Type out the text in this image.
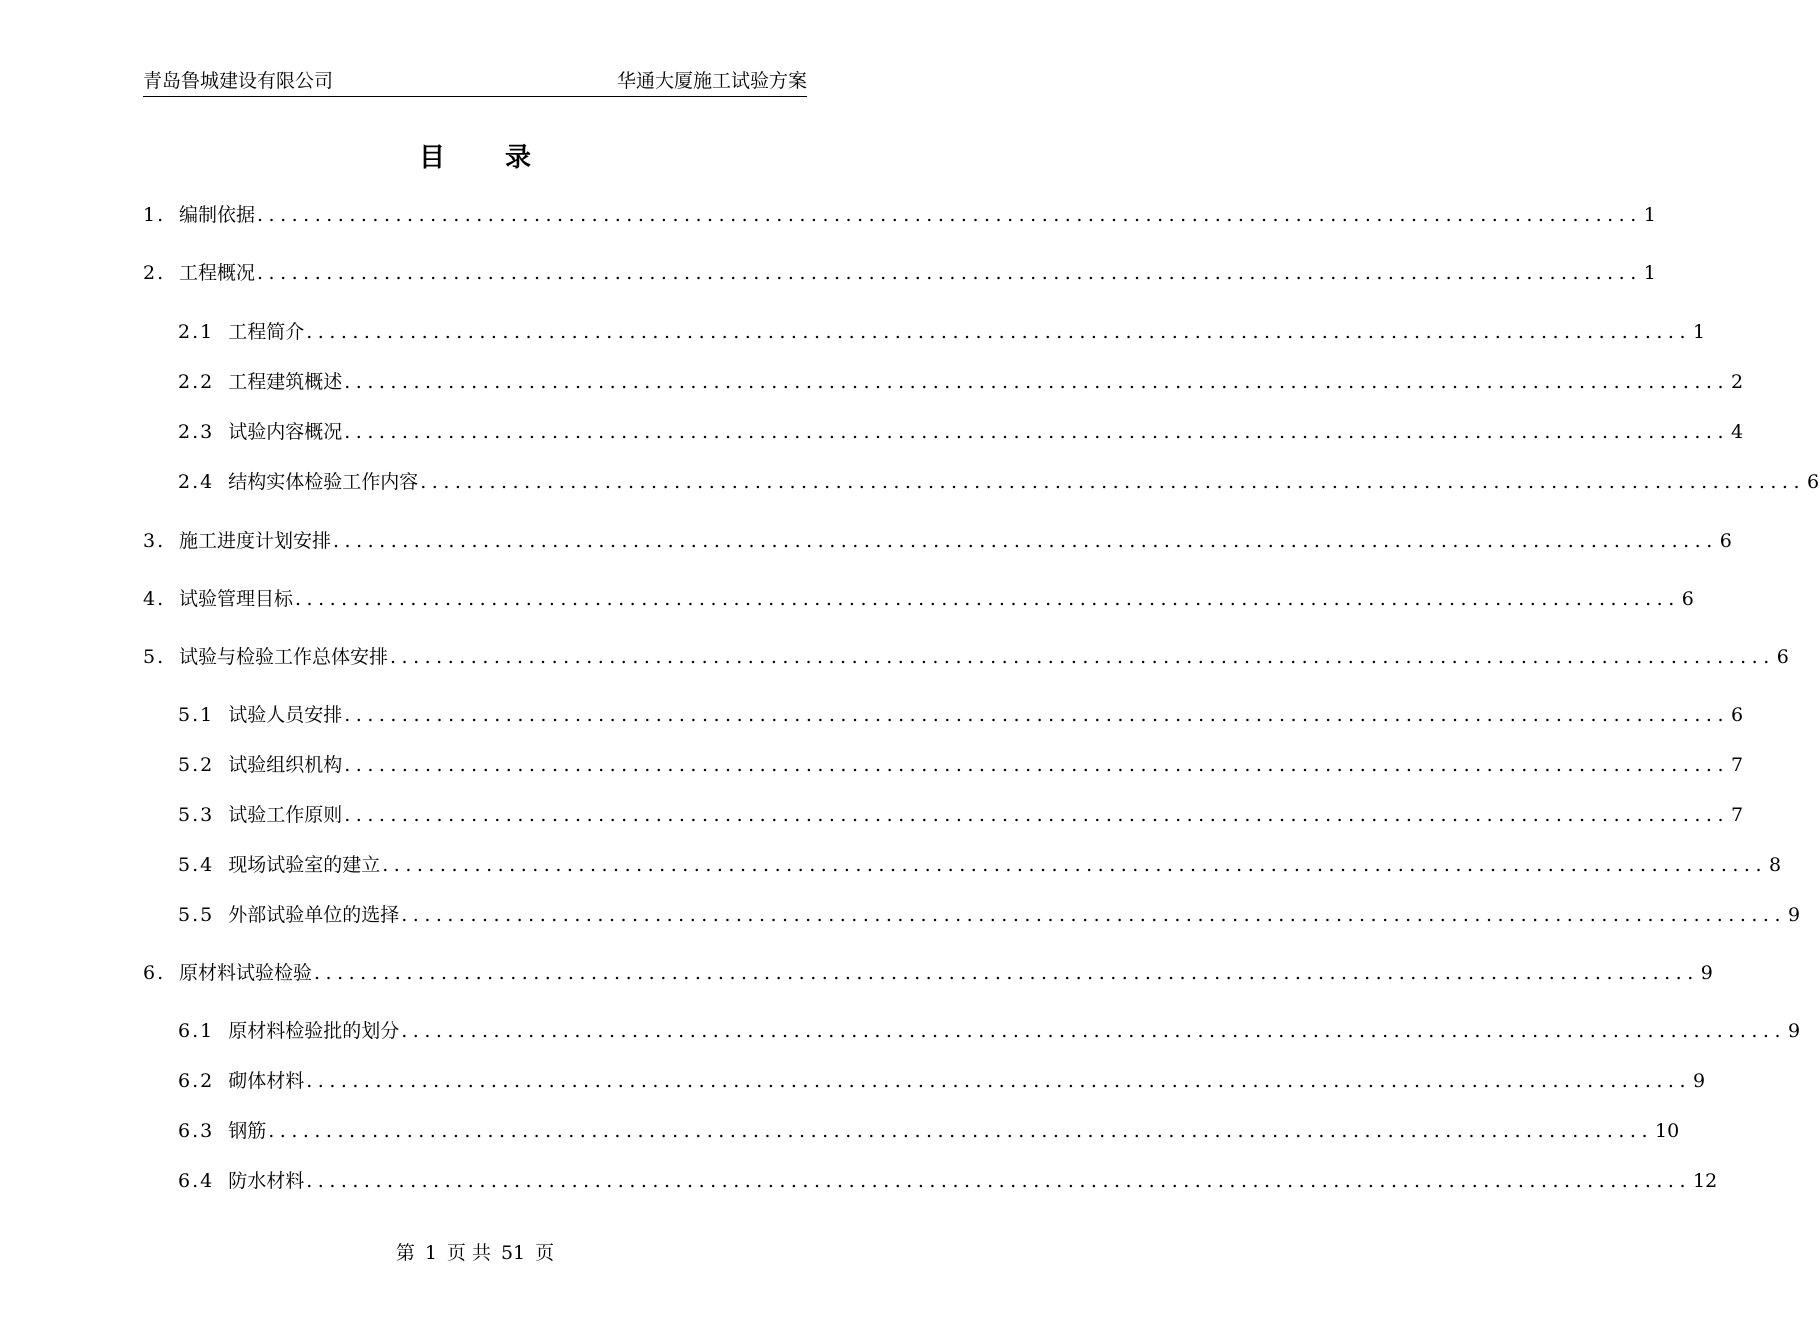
青岛鲁城建设有限公司	华通大厦施工试验方案
目录
1. 编制依据 ........................................................................................................................ 1
2. 工程概况 ........................................................................................................................ 1
2.1 工程简介 ........................................................................................................................ 1
2.2 工程建筑概述 ........................................................................................................................ 2
2.3 试验内容概况 ........................................................................................................................ 4
2.4 结构实体检验工作内容 ........................................................................................................................ 6
3. 施工进度计划安排 ........................................................................................................................ 6
4. 试验管理目标 ........................................................................................................................ 6
5. 试验与检验工作总体安排 ........................................................................................................................ 6
5.1 试验人员安排 ........................................................................................................................ 6
5.2 试验组织机构 ........................................................................................................................ 7
5.3 试验工作原则 ........................................................................................................................ 7
5.4 现场试验室的建立 ........................................................................................................................ 8
5.5 外部试验单位的选择 ........................................................................................................................ 9
6. 原材料试验检验 ........................................................................................................................ 9
6.1 原材料检验批的划分 ........................................................................................................................ 9
6.2 砌体材料 ........................................................................................................................ 9
6.3 钢筋 ........................................................................................................................ 10
6.4 防水材料 ........................................................................................................................ 12
第 1 页 共 51 页
